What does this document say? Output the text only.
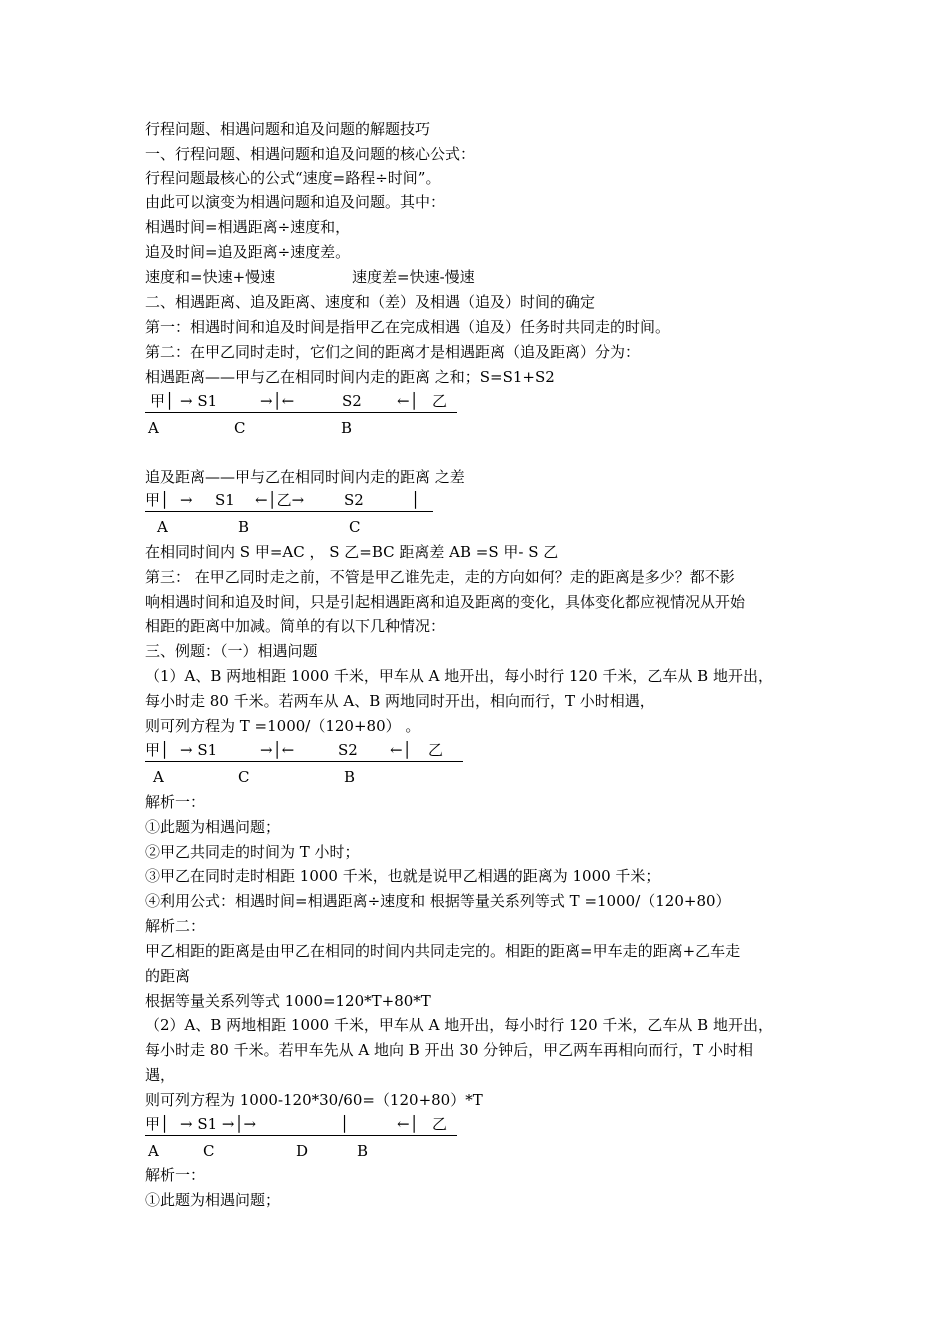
行程问题、相遇问题和追及问题的解题技巧
一、行程问题、相遇问题和追及问题的核心公式：
行程问题最核心的公式“速度=路程÷时间”。
由此可以演变为相遇问题和追及问题。其中：
相遇时间=相遇距离÷速度和，
追及时间=追及距离÷速度差。
速度和=快速+慢速	速度差=快速-慢速
二、相遇距离、追及距离、速度和（差）及相遇（追及）时间的确定
第一：相遇时间和追及时间是指甲乙在完成相遇（追及）任务时共同走的时间。
第二：在甲乙同时走时，它们之间的距离才是相遇距离（追及距离）分为：
相遇距离——甲与乙在相同时间内走的距离 之和；S=S1+S2
甲│ → S1	→│←	S2 ←│ 乙
A	C	B
追及距离——甲与乙在相同时间内走的距离 之差
甲│ → S1 ←│乙→	S2	│
A	B	C
在相同时间内 S 甲=AC ， S 乙=BC 距离差 AB =S 甲- S 乙
第三： 在甲乙同时走之前，不管是甲乙谁先走，走的方向如何？走的距离是多少？都不影
响相遇时间和追及时间，只是引起相遇距离和追及距离的变化，具体变化都应视情况从开始
相距的距离中加减。简单的有以下几种情况：
三、例题：（一）相遇问题
（1）A、B 两地相距 1000 千米，甲车从 A 地开出，每小时行 120 千米，乙车从 B 地开出，
每小时走 80 千米。若两车从 A、B 两地同时开出，相向而行，T 小时相遇，
则可列方程为 T =1000/（120+80） 。
甲│ → S1	→│←	S2 ←│ 乙
A	C	B
解析一：
①此题为相遇问题；
②甲乙共同走的时间为 T 小时；
③甲乙在同时走时相距 1000 千米，也就是说甲乙相遇的距离为 1000 千米；
④利用公式：相遇时间=相遇距离÷速度和 根据等量关系列等式 T =1000/（120+80）
解析二：
甲乙相距的距离是由甲乙在相同的时间内共同走完的。相距的距离=甲车走的距离+乙车走
的距离
根据等量关系列等式 1000=120*T+80*T
（2）A、B 两地相距 1000 千米，甲车从 A 地开出，每小时行 120 千米，乙车从 B 地开出，
每小时走 80 千米。若甲车先从 A 地向 B 开出 30 分钟后，甲乙两车再相向而行，T 小时相
遇，
则可列方程为 1000-120*30/60=（120+80）*T
甲│ → S1 →│→	│	←│ 乙
A	C	D	B
解析一：
①此题为相遇问题；
